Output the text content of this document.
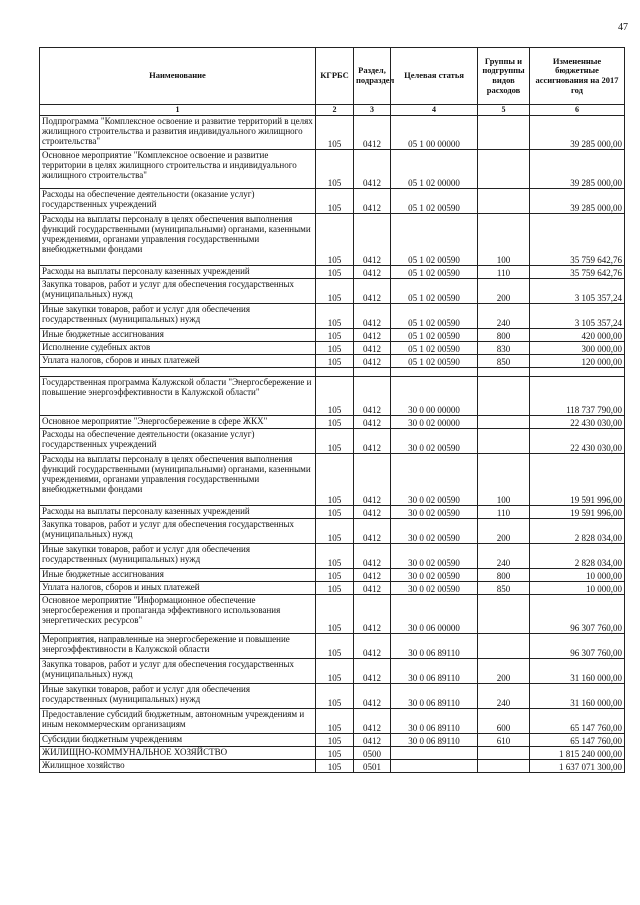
47
Наименование	КГРБС	Раздел, подраздел	Целевая статья	Группы и подгруппы видов расходов	Измененные бюджетные ассигнования на 2017 год
1	2	3	4	5	6
Подпрограмма "Комплексное освоение и развитие территорий в целях жилищного строительства и развития индивидуального жилищного строительства"	105	0412	05 1 00 00000		39 285 000,00
Основное мероприятие "Комплексное освоение и развитие территории в целях жилищного строительства и индивидуального жилищного строительства"	105	0412	05 1 02 00000		39 285 000,00
Расходы на обеспечение деятельности (оказание услуг) государственных учреждений	105	0412	05 1 02 00590		39 285 000,00
Расходы на выплаты персоналу в целях обеспечения выполнения функций государственными (муниципальными) органами, казенными учреждениями, органами управления государственными внебюджетными фондами	105	0412	05 1 02 00590	100	35 759 642,76
Расходы на выплаты персоналу казенных учреждений	105	0412	05 1 02 00590	110	35 759 642,76
Закупка товаров, работ и услуг для обеспечения государственных (муниципальных) нужд	105	0412	05 1 02 00590	200	3 105 357,24
Иные закупки товаров, работ и услуг для обеспечения государственных (муниципальных) нужд	105	0412	05 1 02 00590	240	3 105 357,24
Иные бюджетные ассигнования	105	0412	05 1 02 00590	800	420 000,00
Исполнение судебных актов	105	0412	05 1 02 00590	830	300 000,00
Уплата налогов, сборов и иных платежей	105	0412	05 1 02 00590	850	120 000,00

Государственная программа Калужской области "Энергосбережение и повышение энергоэффективности в Калужской области"	105	0412	30 0 00 00000		118 737 790,00
Основное мероприятие "Энергосбережение в сфере ЖКХ"	105	0412	30 0 02 00000		22 430 030,00
Расходы на обеспечение деятельности (оказание услуг) государственных учреждений	105	0412	30 0 02 00590		22 430 030,00
Расходы на выплаты персоналу в целях обеспечения выполнения функций государственными (муниципальными) органами, казенными учреждениями, органами управления государственными внебюджетными фондами	105	0412	30 0 02 00590	100	19 591 996,00
Расходы на выплаты персоналу казенных учреждений	105	0412	30 0 02 00590	110	19 591 996,00
Закупка товаров, работ и услуг для обеспечения государственных (муниципальных) нужд	105	0412	30 0 02 00590	200	2 828 034,00
Иные закупки товаров, работ и услуг для обеспечения государственных (муниципальных) нужд	105	0412	30 0 02 00590	240	2 828 034,00
Иные бюджетные ассигнования	105	0412	30 0 02 00590	800	10 000,00
Уплата налогов, сборов и иных платежей	105	0412	30 0 02 00590	850	10 000,00
Основное мероприятие "Информационное обеспечение энергосбережения и пропаганда эффективного использования энергетических ресурсов"	105	0412	30 0 06 00000		96 307 760,00
Мероприятия, направленные на энергосбережение и повышение энергоэффективности в Калужской области	105	0412	30 0 06 89110		96 307 760,00
Закупка товаров, работ и услуг для обеспечения государственных (муниципальных) нужд	105	0412	30 0 06 89110	200	31 160 000,00
Иные закупки товаров, работ и услуг для обеспечения государственных (муниципальных) нужд	105	0412	30 0 06 89110	240	31 160 000,00
Предоставление субсидий бюджетным, автономным учреждениям и иным некоммерческим организациям	105	0412	30 0 06 89110	600	65 147 760,00
Субсидии бюджетным учреждениям	105	0412	30 0 06 89110	610	65 147 760,00
ЖИЛИЩНО-КОММУНАЛЬНОЕ ХОЗЯЙСТВО	105	0500			1 815 240 000,00
Жилищное хозяйство	105	0501			1 637 071 300,00
